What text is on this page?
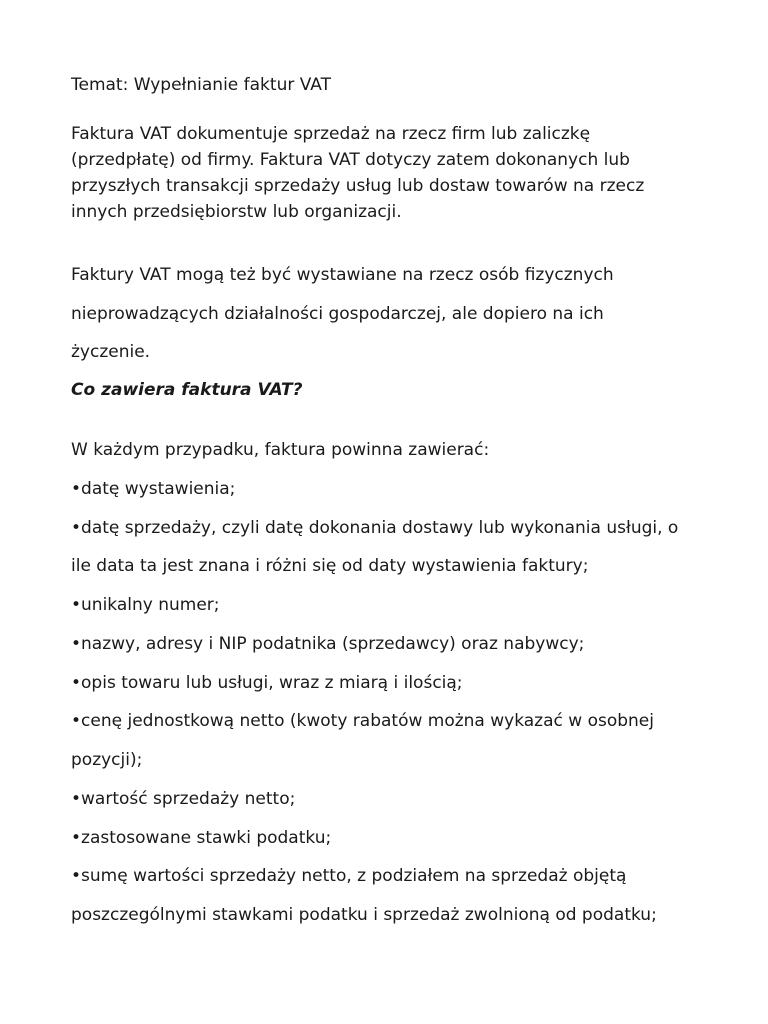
Temat: Wypełnianie faktur VAT
Faktura VAT dokumentuje sprzedaż na rzecz firm lub zaliczkę
(przedpłatę) od firmy. Faktura VAT dotyczy zatem dokonanych lub
przyszłych transakcji sprzedaży usług lub dostaw towarów na rzecz
innych przedsiębiorstw lub organizacji.
Faktury VAT mogą też być wystawiane na rzecz osób fizycznych
nieprowadzących działalności gospodarczej, ale dopiero na ich
życzenie.
Co zawiera faktura VAT?
W każdym przypadku, faktura powinna zawierać:
•datę wystawienia;
•datę sprzedaży, czyli datę dokonania dostawy lub wykonania usługi, o
ile data ta jest znana i różni się od daty wystawienia faktury;
•unikalny numer;
•nazwy, adresy i NIP podatnika (sprzedawcy) oraz nabywcy;
•opis towaru lub usługi, wraz z miarą i ilością;
•cenę jednostkową netto (kwoty rabatów można wykazać w osobnej
pozycji);
•wartość sprzedaży netto;
•zastosowane stawki podatku;
•sumę wartości sprzedaży netto, z podziałem na sprzedaż objętą
poszczególnymi stawkami podatku i sprzedaż zwolnioną od podatku;
